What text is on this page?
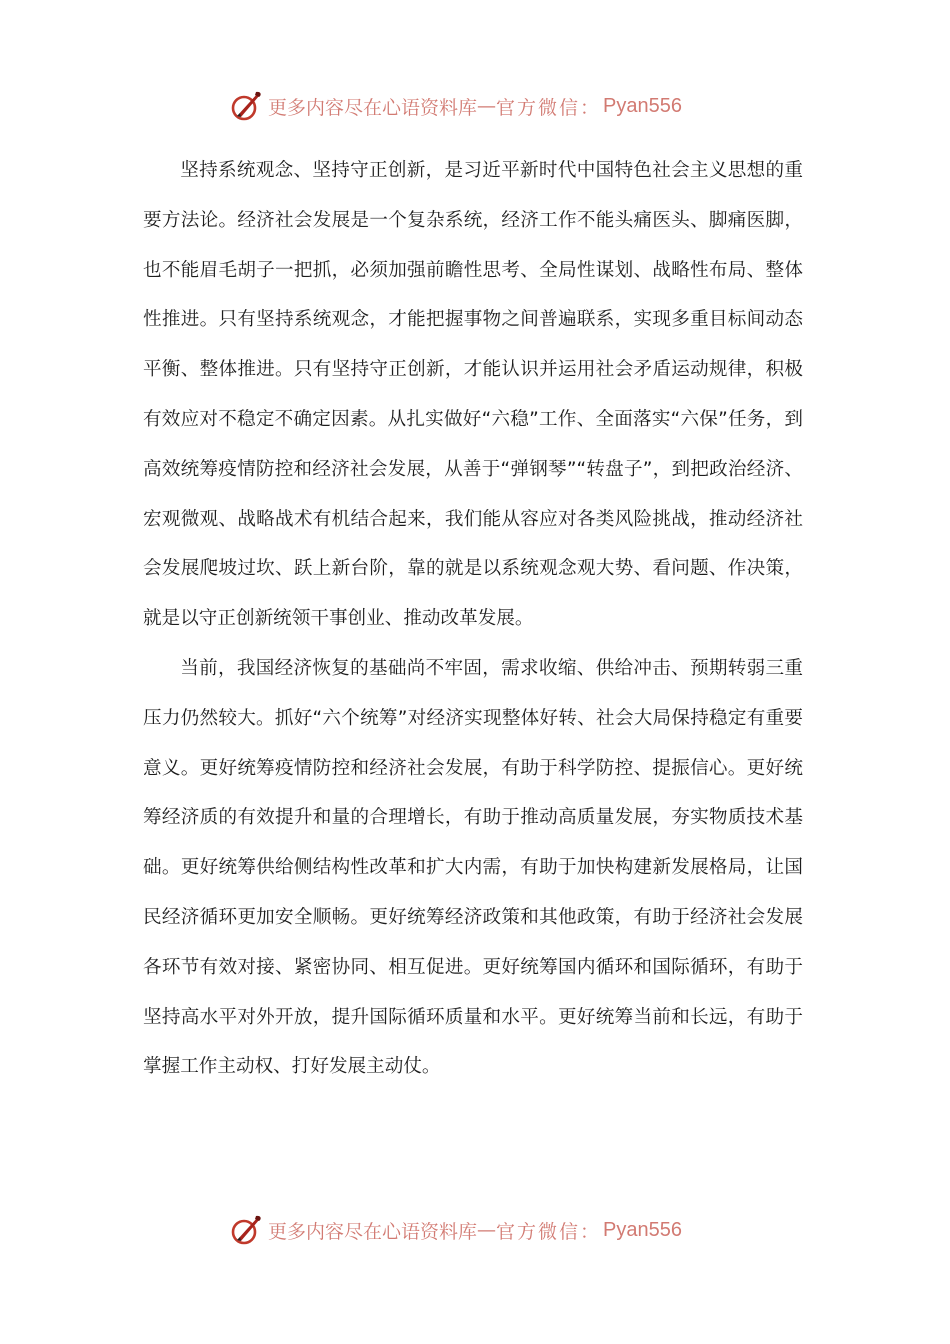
更多内容尽在心语资料库 — 官方微信： Pyan556

坚持系统观念、坚持守正创新，是习近平新时代中国特色社会主义思想的重要方法论。经济社会发展是一个复杂系统，经济工作不能头痛医头、脚痛医脚，也不能眉毛胡子一把抓，必须加强前瞻性思考、全局性谋划、战略性布局、整体性推进。只有坚持系统观念，才能把握事物之间普遍联系，实现多重目标间动态平衡、整体推进。只有坚持守正创新，才能认识并运用社会矛盾运动规律，积极有效应对不稳定不确定因素。从扎实做好“六稳”工作、全面落实“六保”任务，到高效统筹疫情防控和经济社会发展，从善于“弹钢琴”“转盘子”，到把政治经济、宏观微观、战略战术有机结合起来，我们能从容应对各类风险挑战，推动经济社会发展爬坡过坎、跃上新台阶，靠的就是以系统观念观大势、看问题、作决策，就是以守正创新统领干事创业、推动改革发展。

当前，我国经济恢复的基础尚不牢固，需求收缩、供给冲击、预期转弱三重压力仍然较大。抓好“六个统筹”对经济实现整体好转、社会大局保持稳定有重要意义。更好统筹疫情防控和经济社会发展，有助于科学防控、提振信心。更好统筹经济质的有效提升和量的合理增长，有助于推动高质量发展，夯实物质技术基础。更好统筹供给侧结构性改革和扩大内需，有助于加快构建新发展格局，让国民经济循环更加安全顺畅。更好统筹经济政策和其他政策，有助于经济社会发展各环节有效对接、紧密协同、相互促进。更好统筹国内循环和国际循环，有助于坚持高水平对外开放，提升国际循环质量和水平。更好统筹当前和长远，有助于掌握工作主动权、打好发展主动仗。

更多内容尽在心语资料库 — 官方微信： Pyan556
